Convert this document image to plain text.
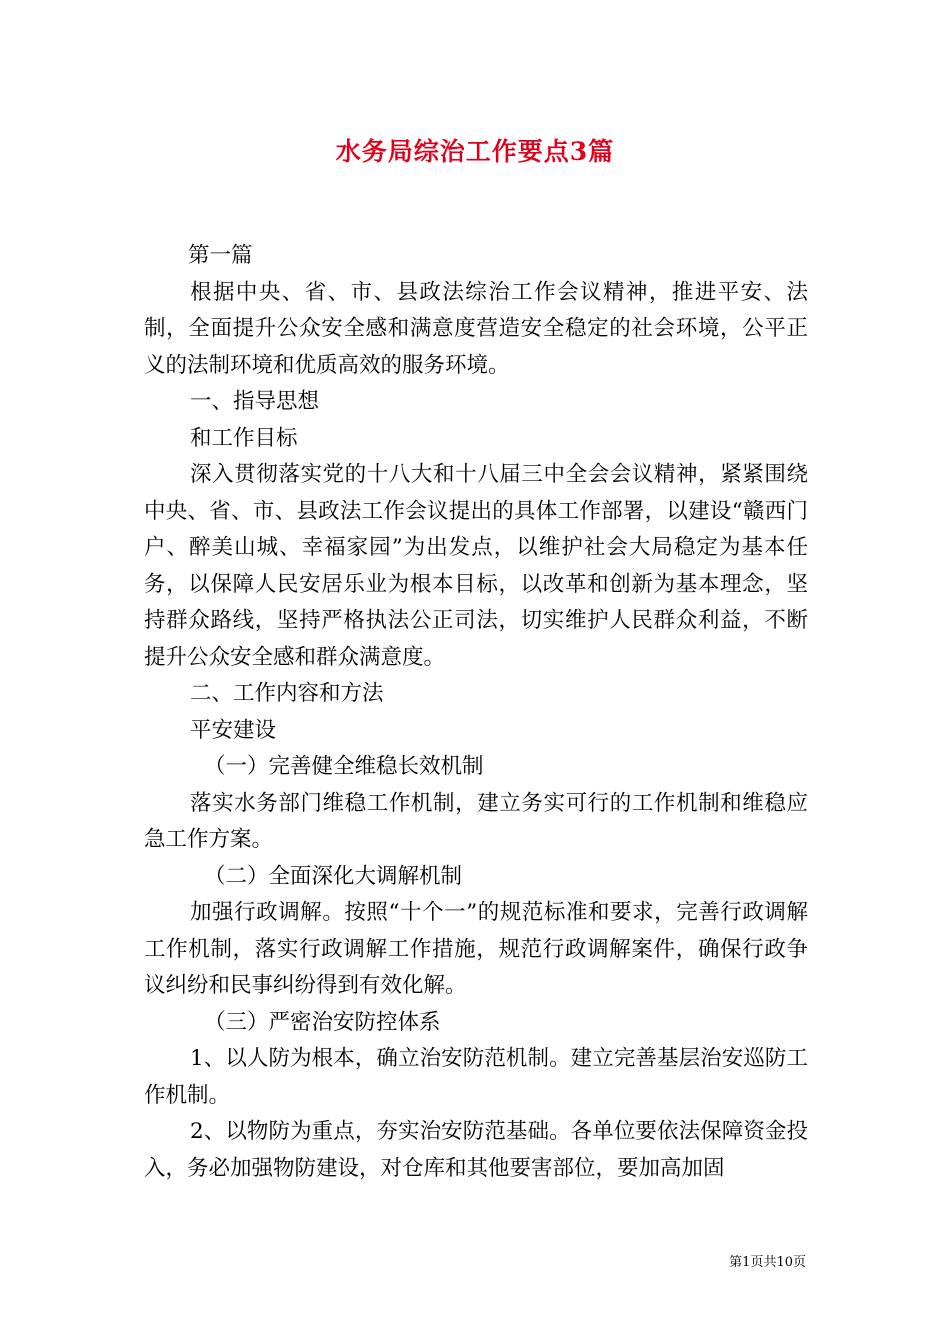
水务局综治工作要点3篇

第一篇

根据中央、省、市、县政法综治工作会议精神，推进平安、法制，全面提升公众安全感和满意度营造安全稳定的社会环境，公平正义的法制环境和优质高效的服务环境。

一、指导思想

和工作目标

深入贯彻落实党的十八大和十八届三中全会会议精神，紧紧围绕中央、省、市、县政法工作会议提出的具体工作部署，以建设“赣西门户、醉美山城、幸福家园”为出发点，以维护社会大局稳定为基本任务，以保障人民安居乐业为根本目标，以改革和创新为基本理念，坚持群众路线，坚持严格执法公正司法，切实维护人民群众利益，不断提升公众安全感和群众满意度。

二、工作内容和方法

平安建设

（一）完善健全维稳长效机制

落实水务部门维稳工作机制，建立务实可行的工作机制和维稳应急工作方案。

（二）全面深化大调解机制

加强行政调解。按照“十个一”的规范标准和要求，完善行政调解工作机制，落实行政调解工作措施，规范行政调解案件，确保行政争议纠纷和民事纠纷得到有效化解。

（三）严密治安防控体系

1、以人防为根本，确立治安防范机制。建立完善基层治安巡防工作机制。

2、以物防为重点，夯实治安防范基础。各单位要依法保障资金投入，务必加强物防建设，对仓库和其他要害部位，要加高加固

第1页共10页
